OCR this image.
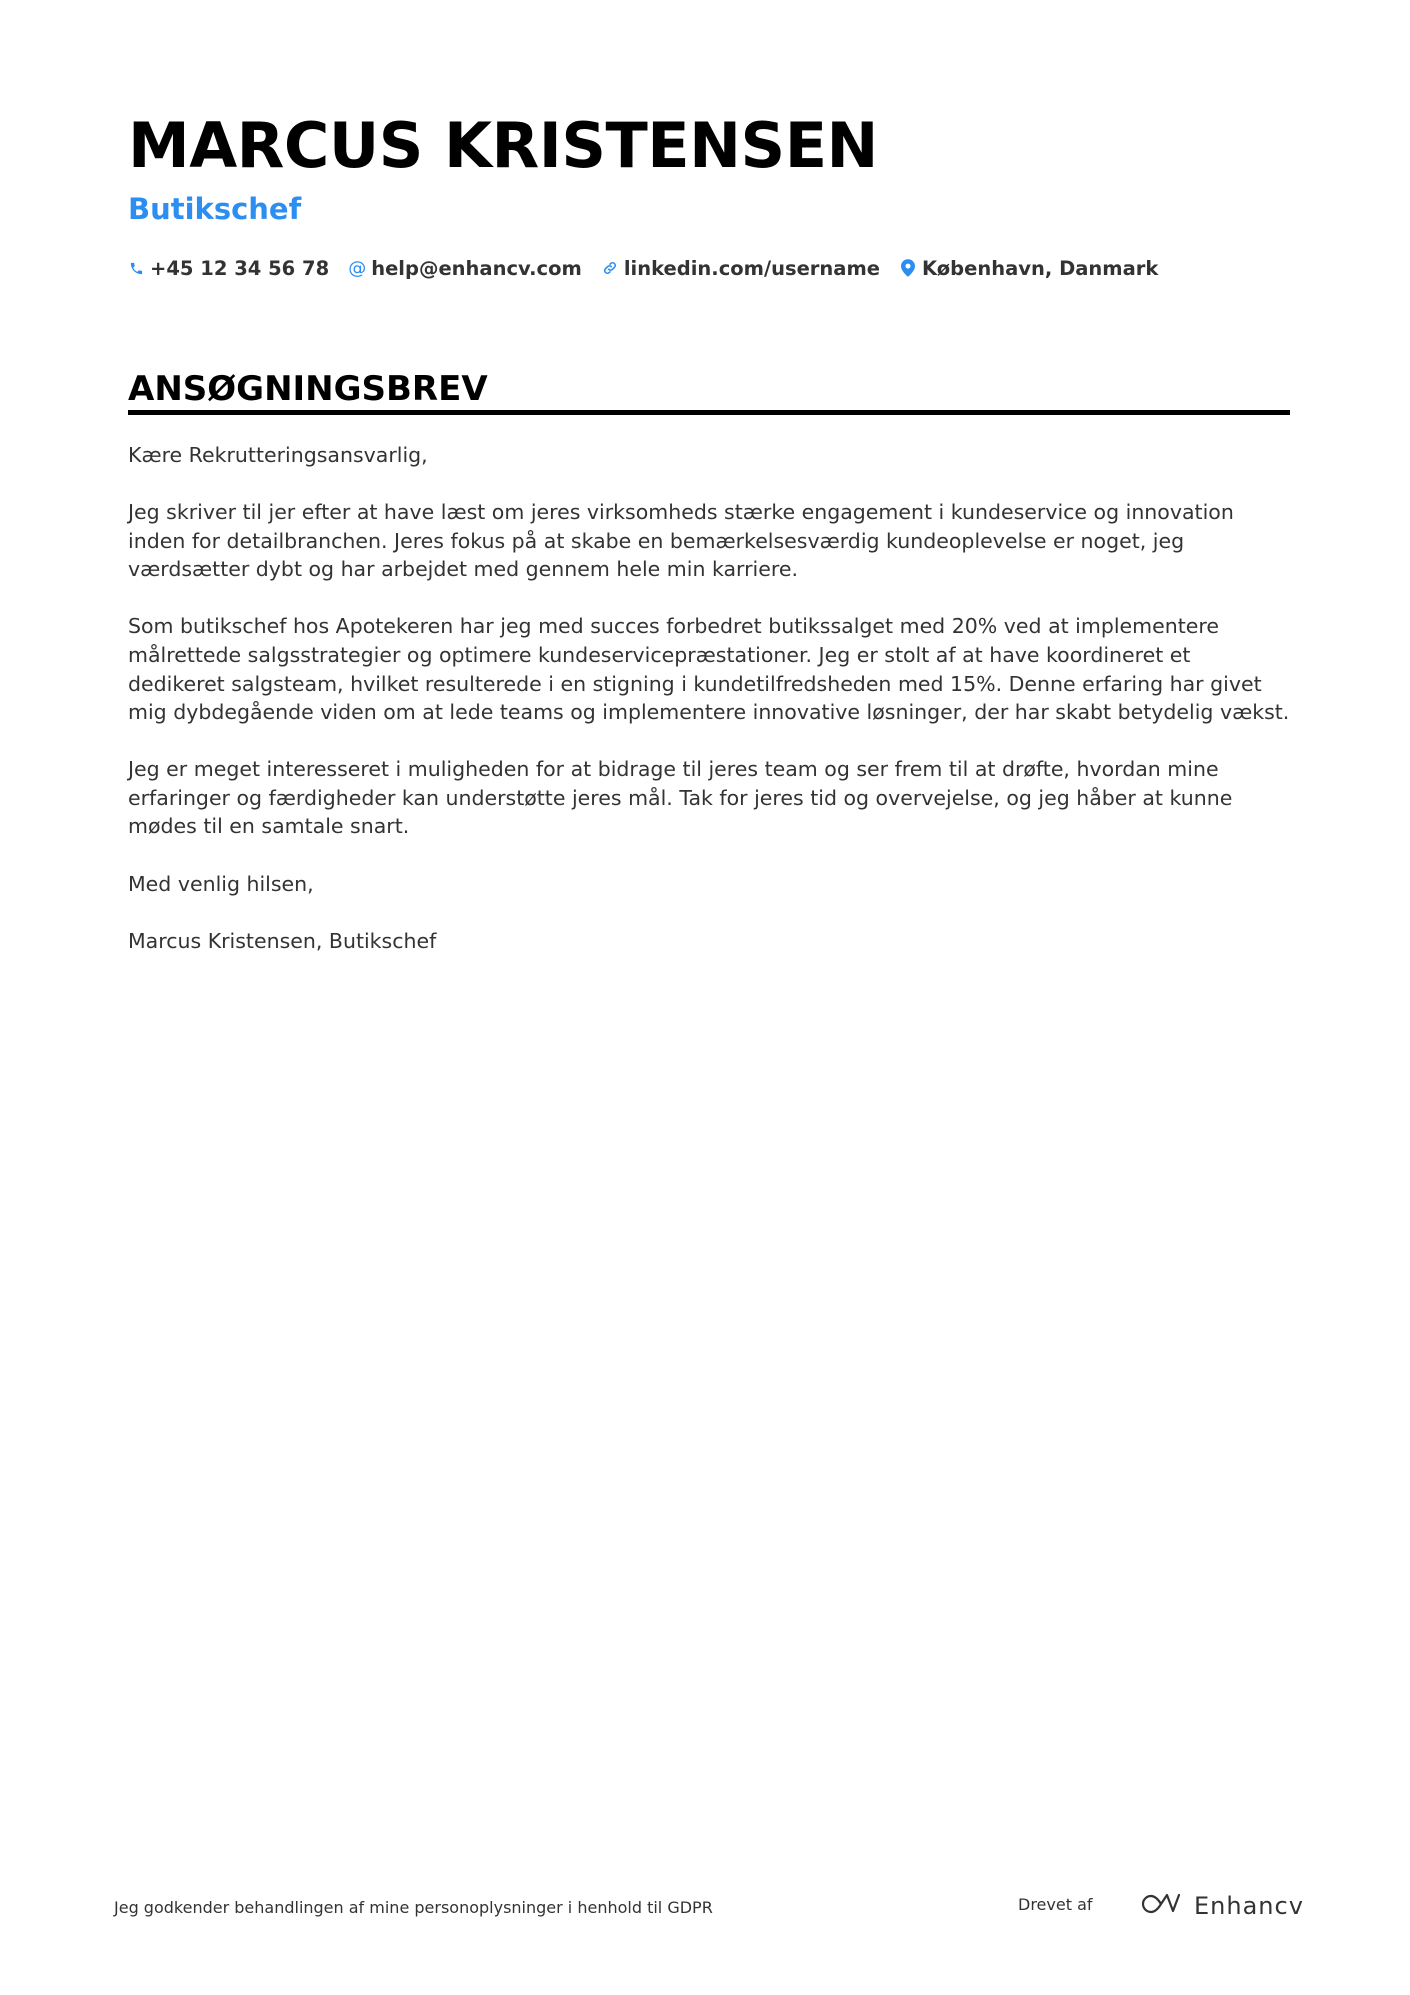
MARCUS KRISTENSEN
Butikschef
+45 12 34 56 78 @ help@enhancv.com linkedin.com/username København, Danmark
ANSØGNINGSBREV

Kære Rekrutteringsansvarlig,

Jeg skriver til jer efter at have læst om jeres virksomheds stærke engagement i kundeservice og innovation inden for detailbranchen. Jeres fokus på at skabe en bemærkelsesværdig kundeoplevelse er noget, jeg værdsætter dybt og har arbejdet med gennem hele min karriere.

Som butikschef hos Apotekeren har jeg med succes forbedret butikssalget med 20% ved at implementere målrettede salgsstrategier og optimere kundeservicepræstationer. Jeg er stolt af at have koordineret et dedikeret salgsteam, hvilket resulterede i en stigning i kundetilfredsheden med 15%. Denne erfaring har givet mig dybdegående viden om at lede teams og implementere innovative løsninger, der har skabt betydelig vækst.

Jeg er meget interesseret i muligheden for at bidrage til jeres team og ser frem til at drøfte, hvordan mine erfaringer og færdigheder kan understøtte jeres mål. Tak for jeres tid og overvejelse, og jeg håber at kunne mødes til en samtale snart.

Med venlig hilsen,

Marcus Kristensen, Butikschef

Jeg godkender behandlingen af mine personoplysninger i henhold til GDPR	Drevet af	Enhancv
